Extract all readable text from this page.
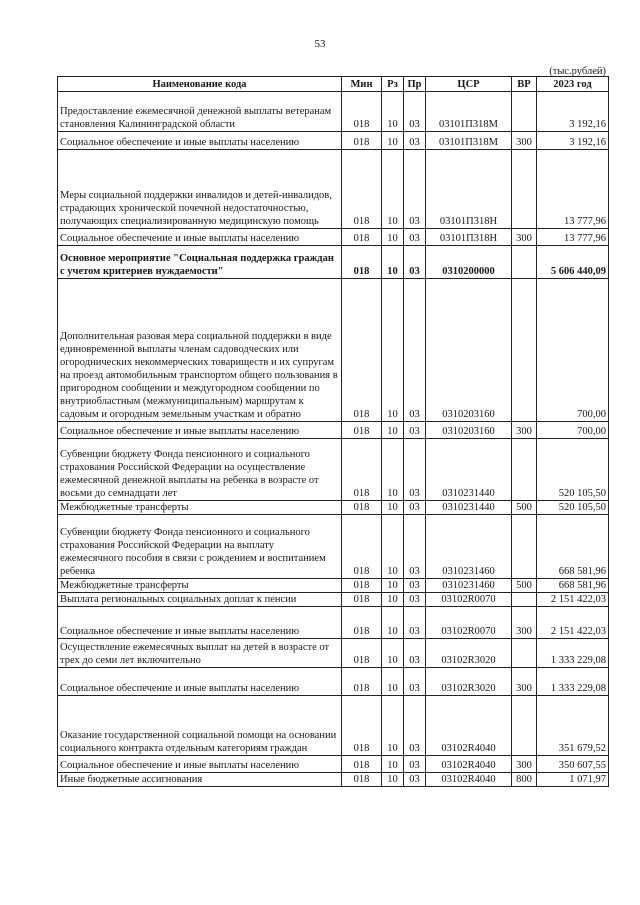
53
(тыс.рублей)
Наименование кода	Мин	Рз	Пр	ЦСР	ВР	2023 год
Предоставление ежемесячной денежной выплаты ветеранам становления Калининградской области	018	10	03	03101П318М		3 192,16
Социальное обеспечение и иные выплаты населению	018	10	03	03101П318М	300	3 192,16
Меры социальной поддержки инвалидов и детей-инвалидов, страдающих хронической почечной недостаточностью, получающих специализированную медицинскую помощь	018	10	03	03101П318Н		13 777,96
Социальное обеспечение и иные выплаты населению	018	10	03	03101П318Н	300	13 777,96
Основное мероприятие "Социальная поддержка граждан с учетом критериев нуждаемости"	018	10	03	0310200000		5 606 440,09
Дополнительная разовая мера социальной поддержки в виде единовременной выплаты членам садоводческих или огороднических некоммерческих товариществ и их супругам на проезд автомобильным транспортом общего пользования в пригородном сообщении и междугородном сообщении по внутриобластным (межмуниципальным) маршрутам к садовым и огородным земельным участкам и обратно	018	10	03	0310203160		700,00
Социальное обеспечение и иные выплаты населению	018	10	03	0310203160	300	700,00
Субвенции бюджету Фонда пенсионного и социального страхования Российской Федерации на осуществление ежемесячной денежной выплаты на ребенка в возрасте от восьми до семнадцати лет	018	10	03	0310231440		520 105,50
Межбюджетные трансферты	018	10	03	0310231440	500	520 105,50
Субвенции бюджету Фонда пенсионного и социального страхования Российской Федерации на выплату ежемесячного пособия в связи с рождением и воспитанием ребенка	018	10	03	0310231460		668 581,96
Межбюджетные трансферты	018	10	03	0310231460	500	668 581,96
Выплата региональных социальных доплат к пенсии	018	10	03	03102R0070		2 151 422,03
Социальное обеспечение и иные выплаты населению	018	10	03	03102R0070	300	2 151 422,03
Осуществление ежемесячных выплат на детей в возрасте от трех до семи лет включительно	018	10	03	03102R3020		1 333 229,08
Социальное обеспечение и иные выплаты населению	018	10	03	03102R3020	300	1 333 229,08
Оказание государственной социальной помощи на основании социального контракта отдельным категориям граждан	018	10	03	03102R4040		351 679,52
Социальное обеспечение и иные выплаты населению	018	10	03	03102R4040	300	350 607,55
Иные бюджетные ассигнования	018	10	03	03102R4040	800	1 071,97
